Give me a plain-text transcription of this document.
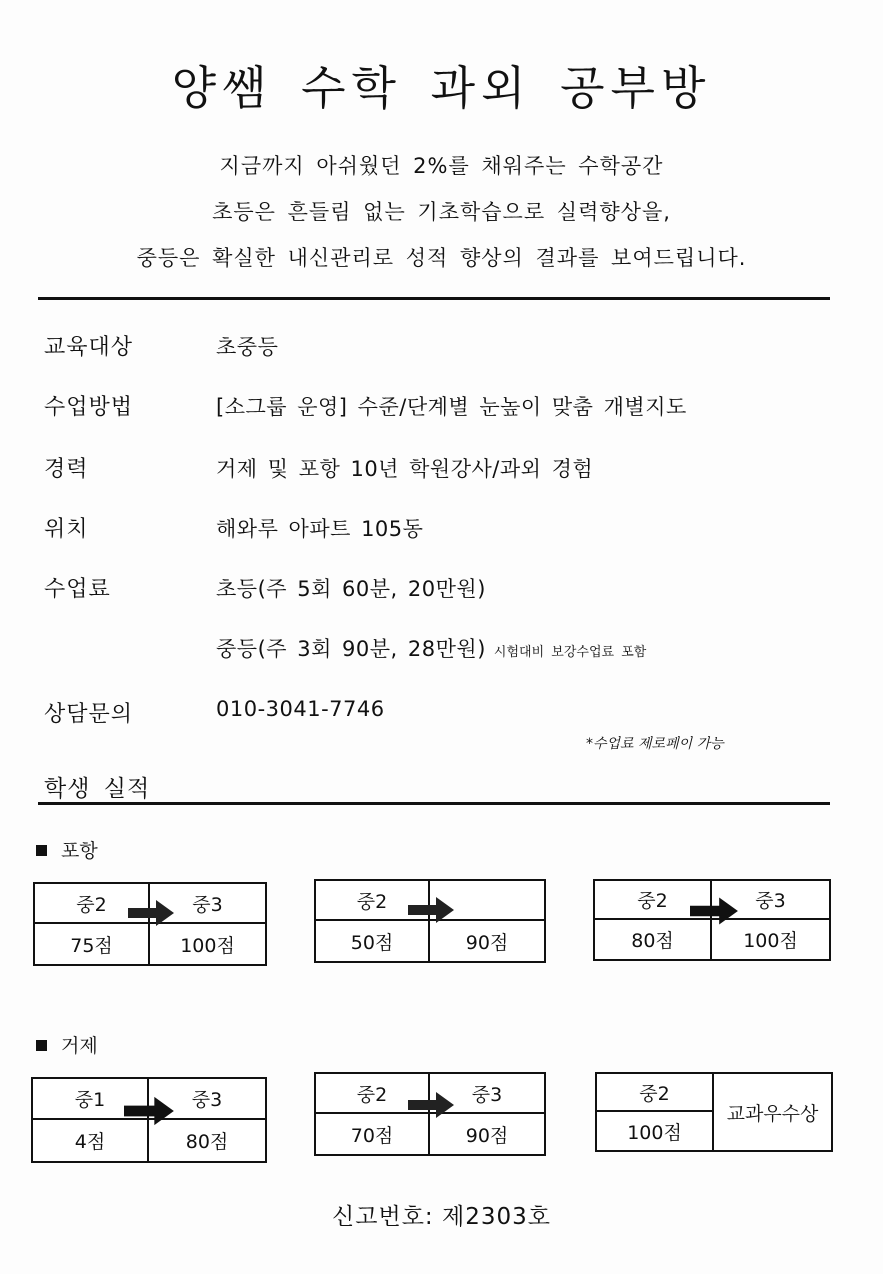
양쌤 수학 과외 공부방
지금까지 아쉬웠던 2%를 채워주는 수학공간
초등은 흔들림 없는 기초학습으로 실력향상을,
중등은 확실한 내신관리로 성적 향상의 결과를 보여드립니다.
교육대상	초중등
수업방법	[소그룹 운영] 수준/단계별 눈높이 맞춤 개별지도
경력	거제 및 포항 10년 학원강사/과외 경험
위치	해와루 아파트 105동
수업료	초등(주 5회 60분, 20만원)
중등(주 3회 90분, 28만원) 시험대비 보강수업료 포함
상담문의	010-3041-7746
*수업료 제로페이 가능
학생 실적
포항
중2	중3
75점	100점
중2
50점	90점
중2	중3
80점	100점
거제
중1	중3
4점	80점
중2	중3
70점	90점
중2
교과우수상
100점
신고번호: 제2303호
